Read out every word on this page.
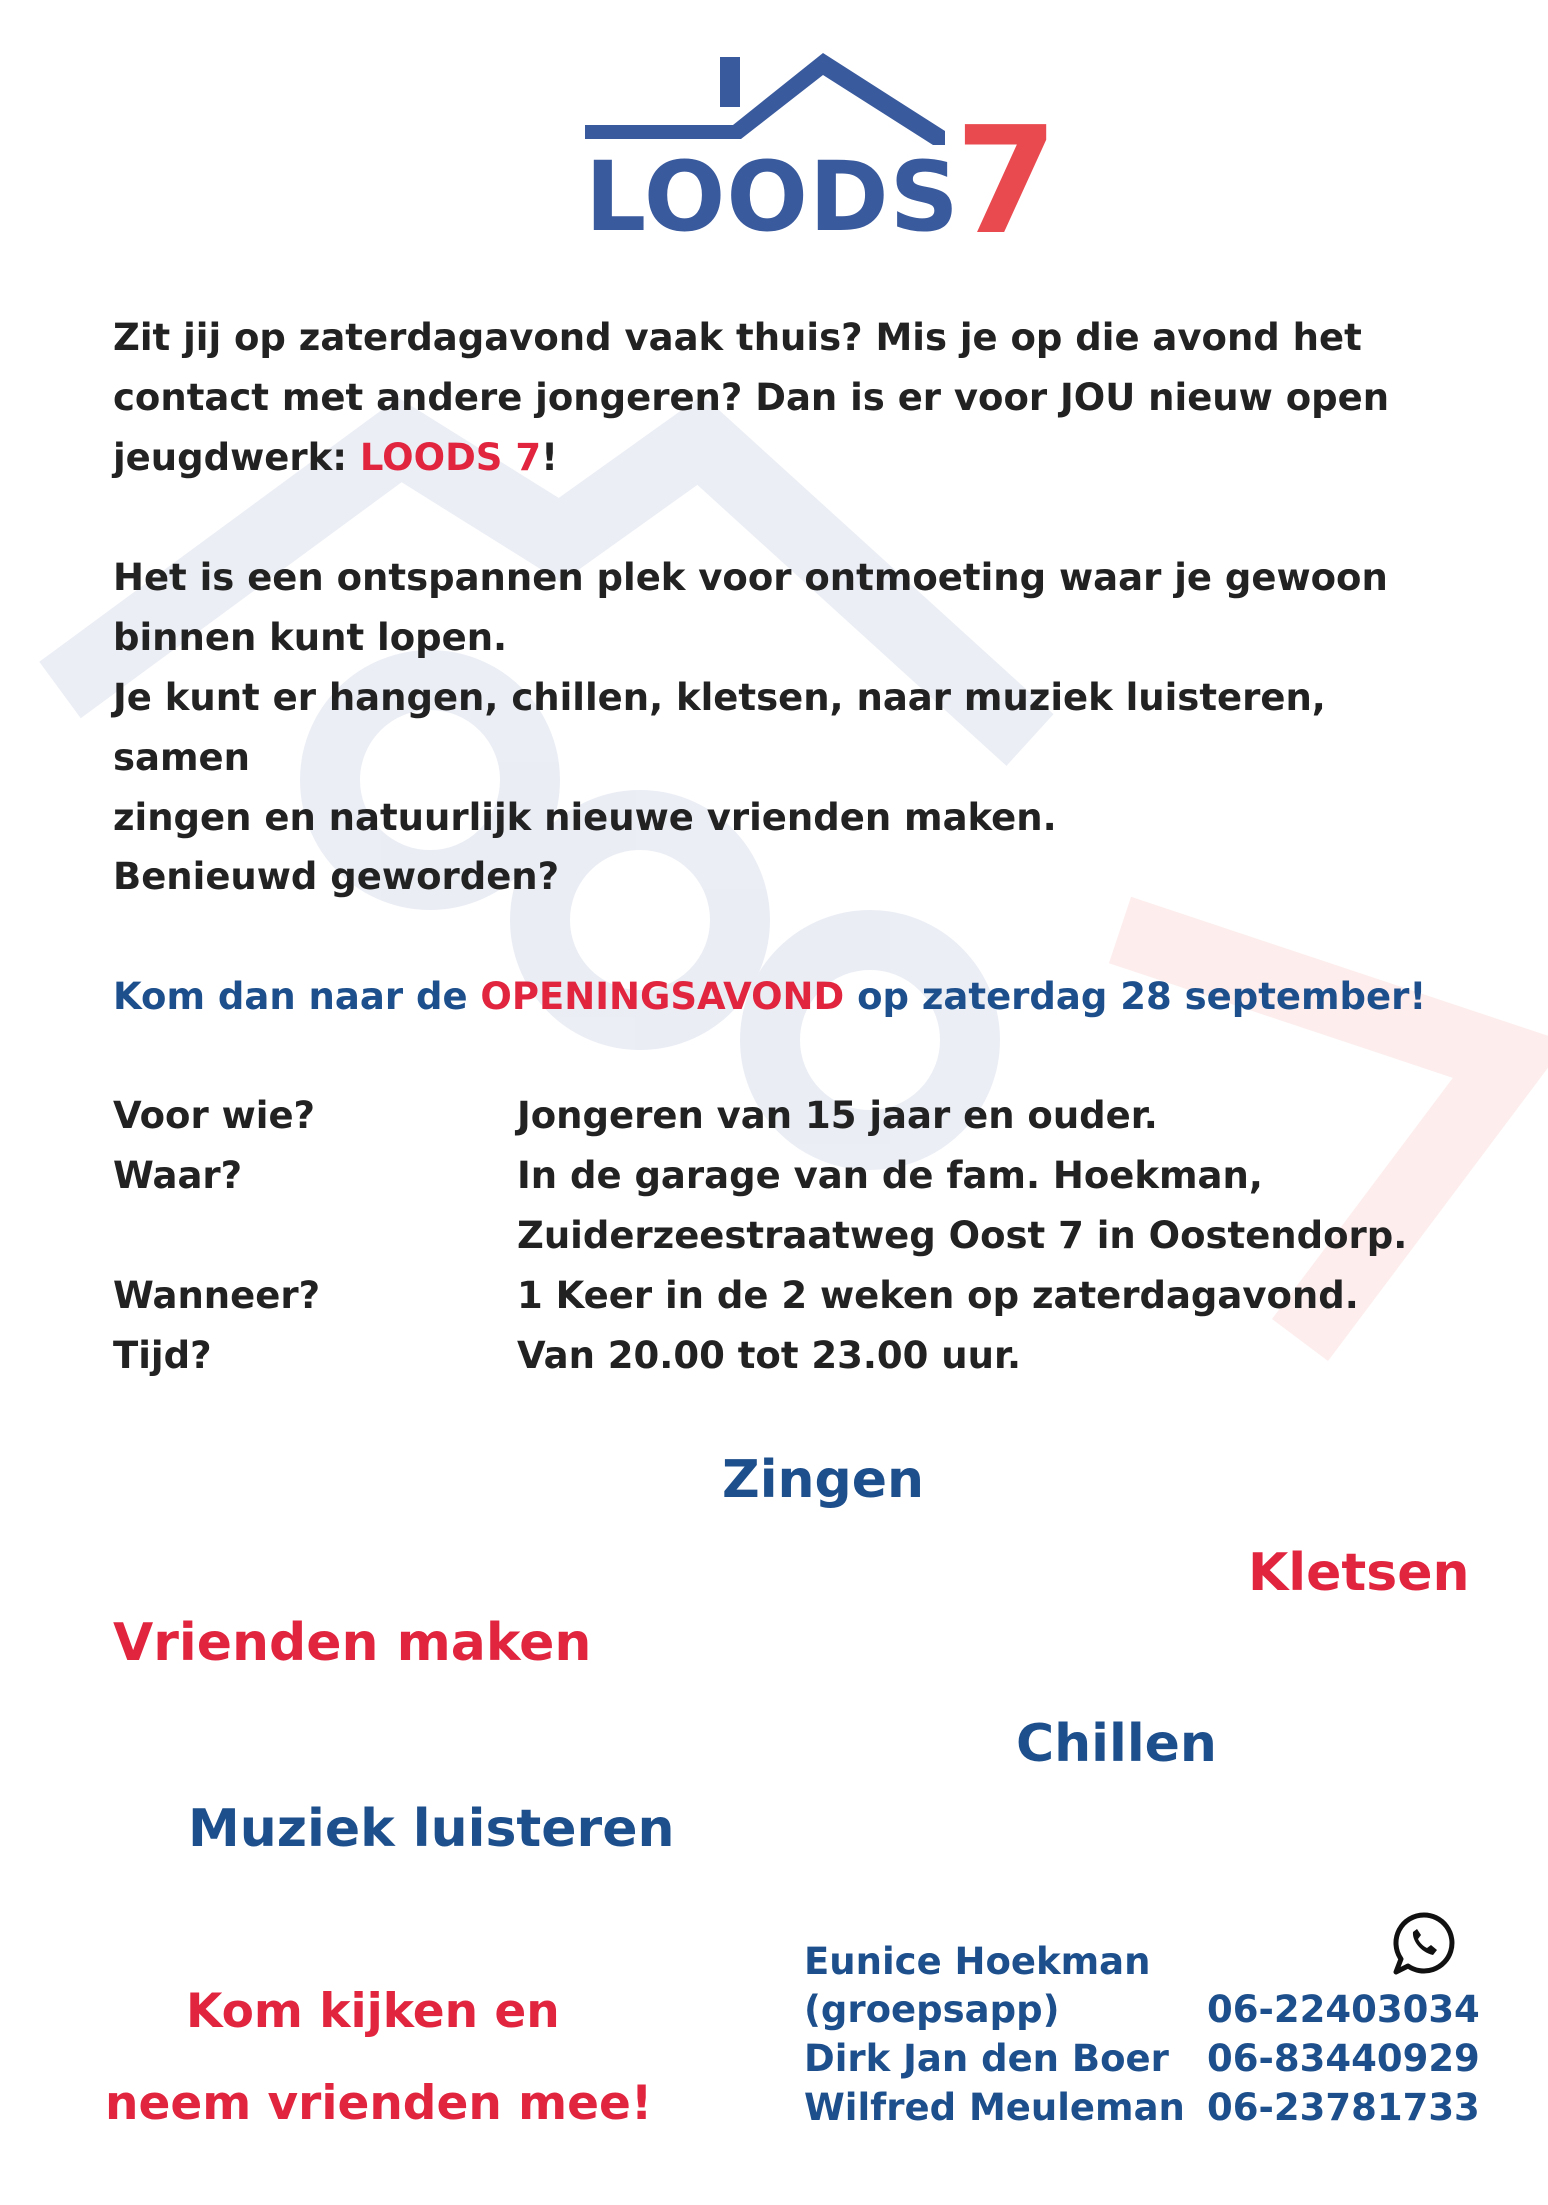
LOODS
7
Zit jij op zaterdagavond vaak thuis? Mis je op die avond het
contact met andere jongeren? Dan is er voor JOU nieuw open
jeugdwerk: LOODS 7!
Het is een ontspannen plek voor ontmoeting waar je gewoon
binnen kunt lopen.
Je kunt er hangen, chillen, kletsen, naar muziek luisteren, samen
zingen en natuurlijk nieuwe vrienden maken.
Benieuwd geworden?
Kom dan naar de OPENINGSAVOND op zaterdag 28 september!
Voor wie?	Jongeren van 15 jaar en ouder.
Waar?	In de garage van de fam. Hoekman,
Zuiderzeestraatweg Oost 7 in Oostendorp.
Wanneer?	1 Keer in de 2 weken op zaterdagavond.
Tijd?	Van 20.00 tot 23.00 uur.
Zingen
Kletsen
Vrienden maken
Chillen
Muziek luisteren
Kom kijken en
neem vrienden mee!
Eunice Hoekman
(groepsapp)	06-22403034
Dirk Jan den Boer 06-83440929
Wilfred Meuleman 06-23781733
